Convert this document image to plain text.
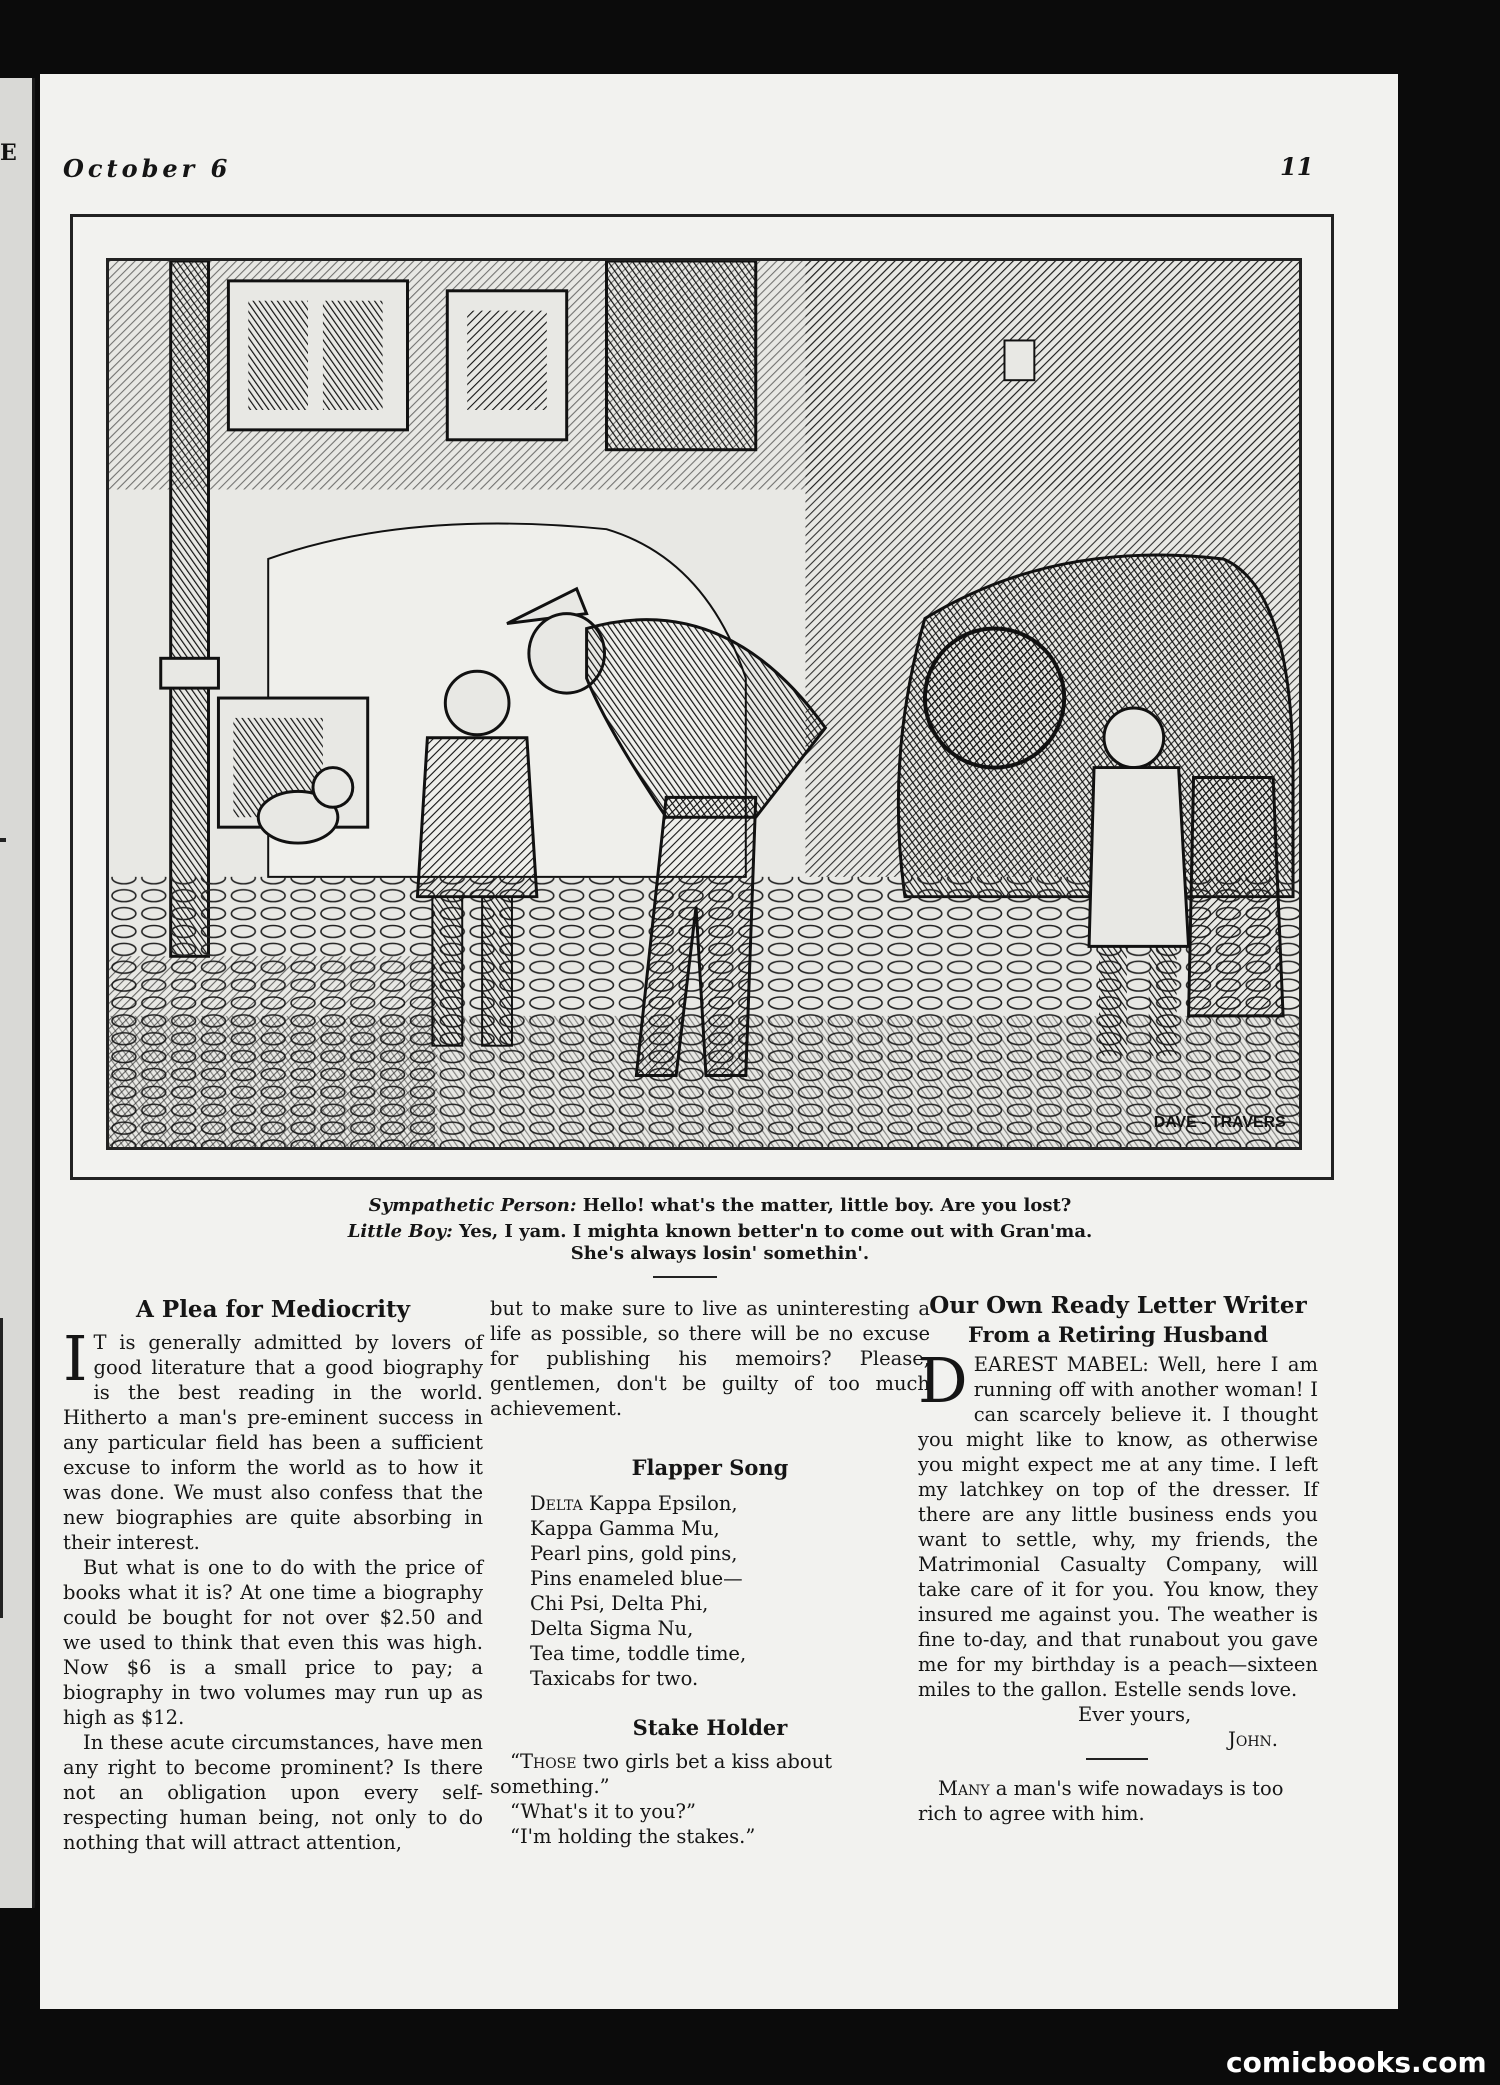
E
October 6	11
DAVE - TRAVERS
Sympathetic Person: Hello! what's the matter, little boy. Are you lost?
Little Boy: Yes, I yam. I mighta known better'n to come out with Gran'ma.
She's always losin' somethin'.
A Plea for Mediocrity

I T is generally admitted by lovers of good literature that a good biography is the best reading in the world. Hitherto a man's pre-eminent success in any particular field has been a sufficient excuse to inform the world as to how it was done. We must also confess that the new biographies are quite absorbing in their interest.

But what is one to do with the price of books what it is? At one time a biography could be bought for not over $2.50 and we used to think that even this was high. Now $6 is a small price to pay; a biography in two volumes may run up as high as $12.

In these acute circumstances, have men any right to become prominent? Is there not an obligation upon every self-respecting human being, not only to do nothing that will attract attention,

but to make sure to live as uninteresting a life as possible, so there will be no excuse for publishing his memoirs? Please, gentlemen, don't be guilty of too much achievement.

Flapper Song
Delta Kappa Epsilon,
Kappa Gamma Mu,
Pearl pins, gold pins,
Pins enameled blue—
Chi Psi, Delta Phi,
Delta Sigma Nu,
Tea time, toddle time,
Taxicabs for two.
Stake Holder

“Those two girls bet a kiss about something.”

“What's it to you?”

“I'm holding the stakes.”

Our Own Ready Letter Writer
From a Retiring Husband

DEAREST MABEL: Well, here I am running off with another woman! I can scarcely believe it. I thought you might like to know, as otherwise you might expect me at any time. I left my latchkey on top of the dresser. If there are any little business ends you want to settle, why, my friends, the Matrimonial Casualty Company, will take care of it for you. You know, they insured me against you. The weather is fine to-day, and that runabout you gave me for my birthday is a peach—sixteen miles to the gallon. Estelle sends love.

Ever yours,

John.

Many a man's wife nowadays is too rich to agree with him.

comicbooks.com
